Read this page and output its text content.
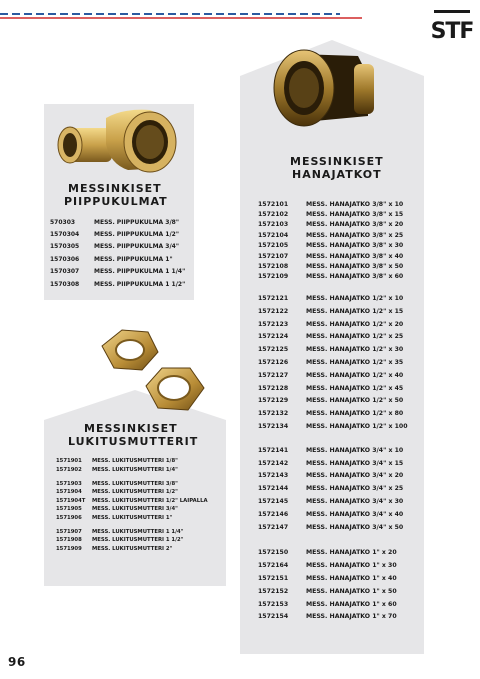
STF
MESSINKISET
PIIPPUKULMAT
570303	MESS. PIIPPUKULMA 3/8"
1570304	MESS. PIIPPUKULMA 1/2"
1570305	MESS. PIIPPUKULMA 3/4"
1570306	MESS. PIIPPUKULMA 1"
1570307	MESS. PIIPPUKULMA 1 1/4"
1570308	MESS. PIIPPUKULMA 1 1/2"
MESSINKISET
LUKITUSMUTTERIT
1571901	MESS. LUKITUSMUTTERI 1/8"
1571902	MESS. LUKITUSMUTTERI 1/4"
1571903	MESS. LUKITUSMUTTERI 3/8"
1571904	MESS. LUKITUSMUTTERI 1/2"
1571904T	MESS. LUKITUSMUTTERI 1/2" LAIPALLA
1571905	MESS. LUKITUSMUTTERI 3/4"
1571906	MESS. LUKITUSMUTTERI 1"
1571907	MESS. LUKITUSMUTTERI 1 1/4"
1571908	MESS. LUKITUSMUTTERI 1 1/2"
1571909	MESS. LUKITUSMUTTERI 2"
MESSINKISET
HANAJATKOT
1572101	MESS. HANAJATKO 3/8" x 10
1572102	MESS. HANAJATKO 3/8" x 15
1572103	MESS. HANAJATKO 3/8" x 20
1572104	MESS. HANAJATKO 3/8" x 25
1572105	MESS. HANAJATKO 3/8" x 30
1572107	MESS. HANAJATKO 3/8" x 40
1572108	MESS. HANAJATKO 3/8" x 50
1572109	MESS. HANAJATKO 3/8" x 60
1572121	MESS. HANAJATKO 1/2" x 10
1572122	MESS. HANAJATKO 1/2" x 15
1572123	MESS. HANAJATKO 1/2" x 20
1572124	MESS. HANAJATKO 1/2" x 25
1572125	MESS. HANAJATKO 1/2" x 30
1572126	MESS. HANAJATKO 1/2" x 35
1572127	MESS. HANAJATKO 1/2" x 40
1572128	MESS. HANAJATKO 1/2" x 45
1572129	MESS. HANAJATKO 1/2" x 50
1572132	MESS. HANAJATKO 1/2" x 80
1572134	MESS. HANAJATKO 1/2" x 100
1572141	MESS. HANAJATKO 3/4" x 10
1572142	MESS. HANAJATKO 3/4" x 15
1572143	MESS. HANAJATKO 3/4" x 20
1572144	MESS. HANAJATKO 3/4" x 25
1572145	MESS. HANAJATKO 3/4" x 30
1572146	MESS. HANAJATKO 3/4" x 40
1572147	MESS. HANAJATKO 3/4" x 50
1572150	MESS. HANAJATKO 1" x 20
1572164	MESS. HANAJATKO 1" x 30
1572151	MESS. HANAJATKO 1" x 40
1572152	MESS. HANAJATKO 1" x 50
1572153	MESS. HANAJATKO 1" x 60
1572154	MESS. HANAJATKO 1" x 70
96
